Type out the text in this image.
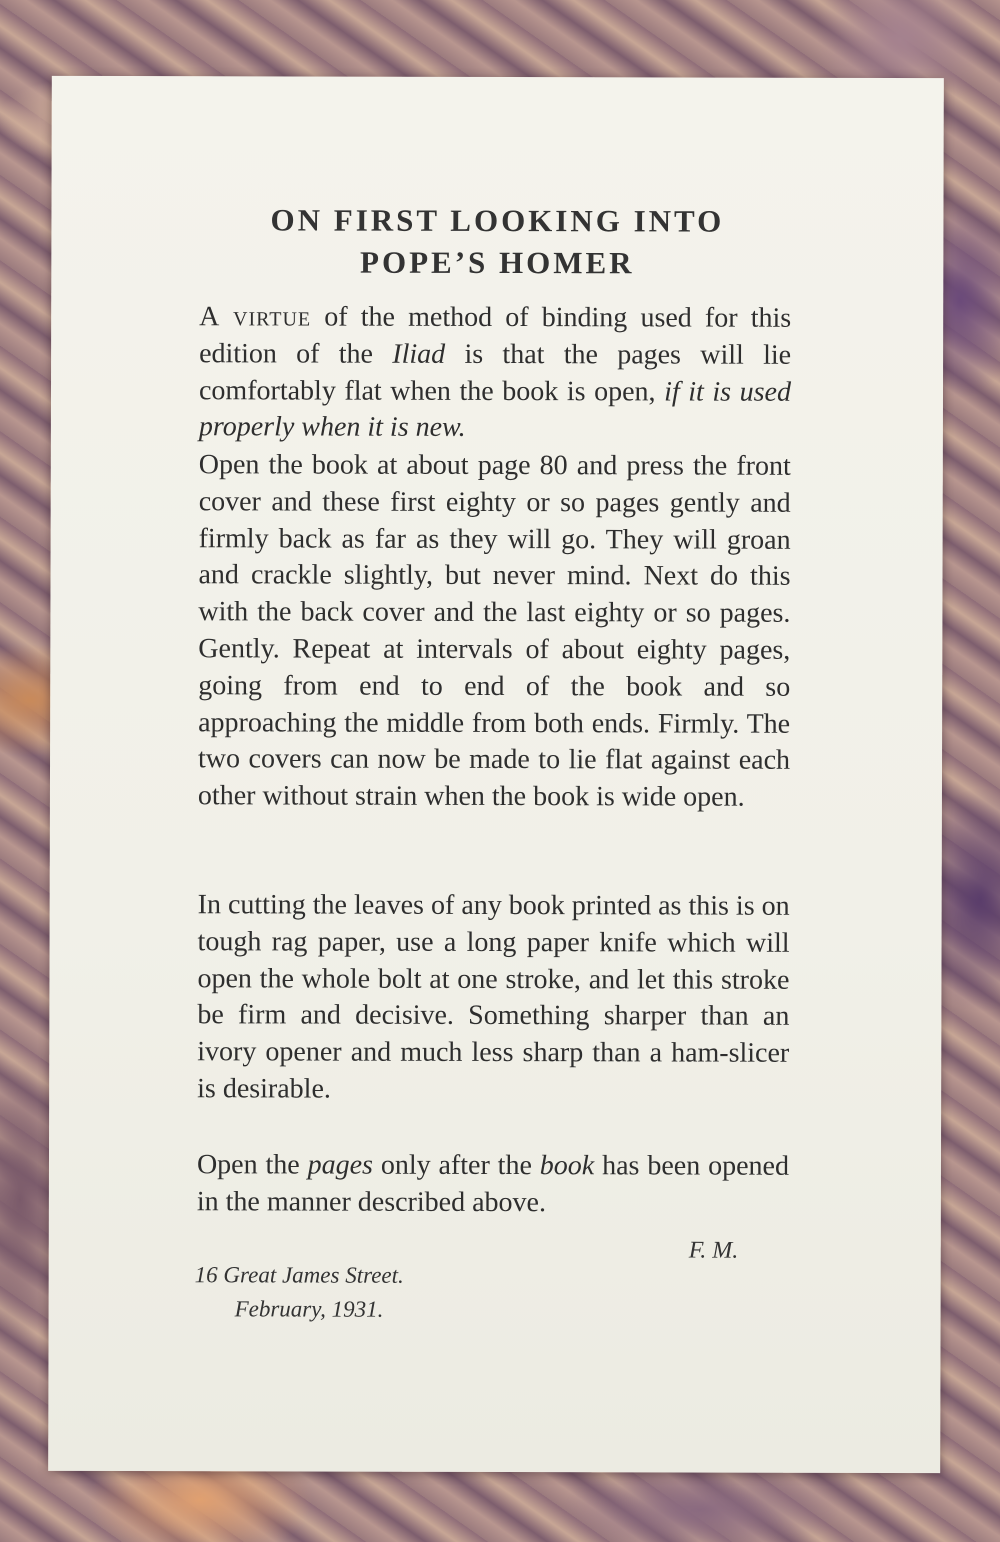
ON FIRST LOOKING INTO
POPE’S HOMER

A virtue of the method of binding used for this edition of the Iliad is that the pages will lie comfortably flat when the book is open, if it is used properly when it is new.

Open the book at about page 80 and press the front cover and these first eighty or so pages gently and firmly back as far as they will go. They will groan and crackle slightly, but never mind. Next do this with the back cover and the last eighty or so pages. Gently. Repeat at intervals of about eighty pages, going from end to end of the book and so approaching the middle from both ends. Firmly. The two covers can now be made to lie flat against each other without strain when the book is wide open.

In cutting the leaves of any book printed as this is on tough rag paper, use a long paper knife which will open the whole bolt at one stroke, and let this stroke be firm and decisive. Something sharper than an ivory opener and much less sharp than a ham-slicer is desirable.

Open the pages only after the book has been opened in the manner described above.

F. M.
16 Great James Street.
February, 1931.
